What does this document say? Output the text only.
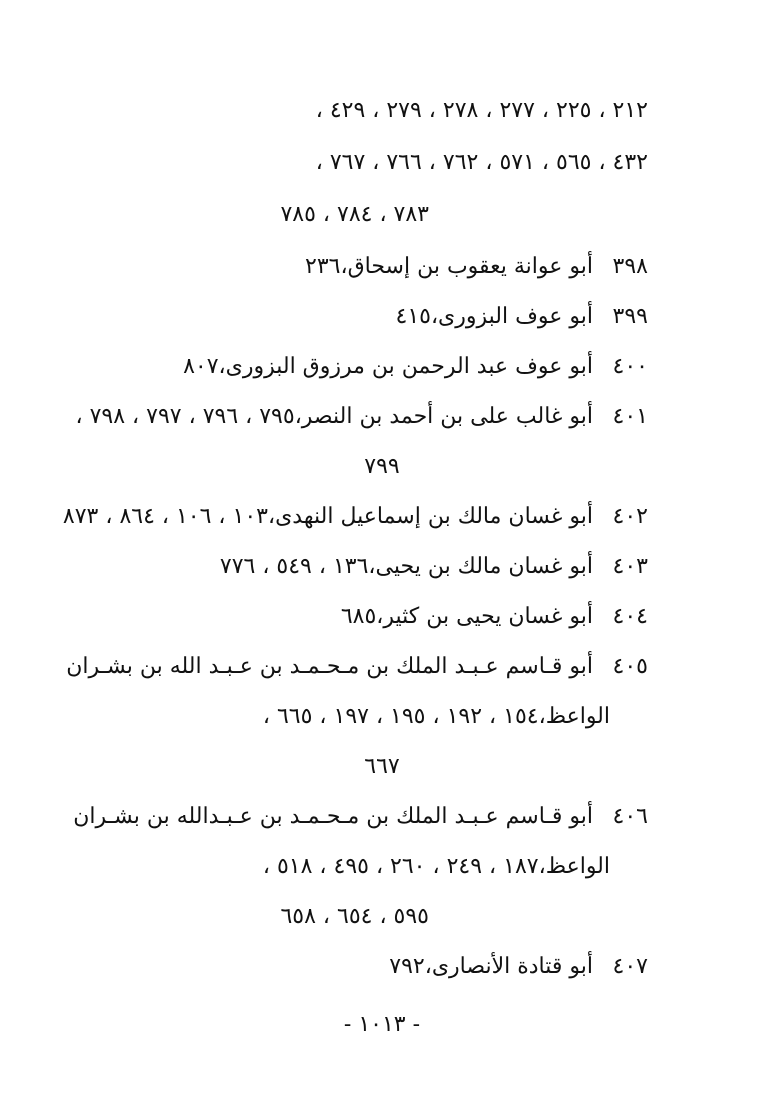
٢١٢ ، ٢٢٥ ، ٢٧٧ ، ٢٧٨ ، ٢٧٩ ، ٤٢٩ ،
٤٣٢ ، ٥٦٥ ، ٥٧١ ، ٧٦٢ ، ٧٦٦ ، ٧٦٧ ،
٧٨٣ ، ٧٨٤ ، ٧٨٥
٣٩٨
أبو عوانة يعقوب بن إسحاق،٢٣٦
٣٩٩
أبو عوف البزورى،٤١٥
٤٠٠
أبو عوف عبد الرحمن بن مرزوق البزورى،٨٠٧
٤٠١
أبو غالب على بن أحمد بن النصر،٧٩٥ ، ٧٩٦ ، ٧٩٧ ، ٧٩٨ ،
٧٩٩
٤٠٢
أبو غسان مالك بن إسماعيل النهدى،١٠٣ ، ١٠٦ ، ٨٦٤ ، ٨٧٣
٤٠٣
أبو غسان مالك بن يحيى،١٣٦ ، ٥٤٩ ، ٧٧٦
٤٠٤
أبو غسان يحيى بن كثير،٦٨٥
٤٠٥
أبو قـاسم عـبـد الملك بن مـحـمـد بن عـبـد الله بن بشـران
الواعظ،١٥٤ ، ١٩٢ ، ١٩٥ ، ١٩٧ ، ٦٦٥ ،
٦٦٧
٤٠٦
أبو قـاسم عـبـد الملك بن مـحـمـد بن عـبـدالله بن بشـران
الواعظ،١٨٧ ، ٢٤٩ ، ٢٦٠ ، ٤٩٥ ، ٥١٨ ،
٥٩٥ ، ٦٥٤ ، ٦٥٨
٤٠٧
أبو قتادة الأنصارى،٧٩٢
- ١٠١٣ -
